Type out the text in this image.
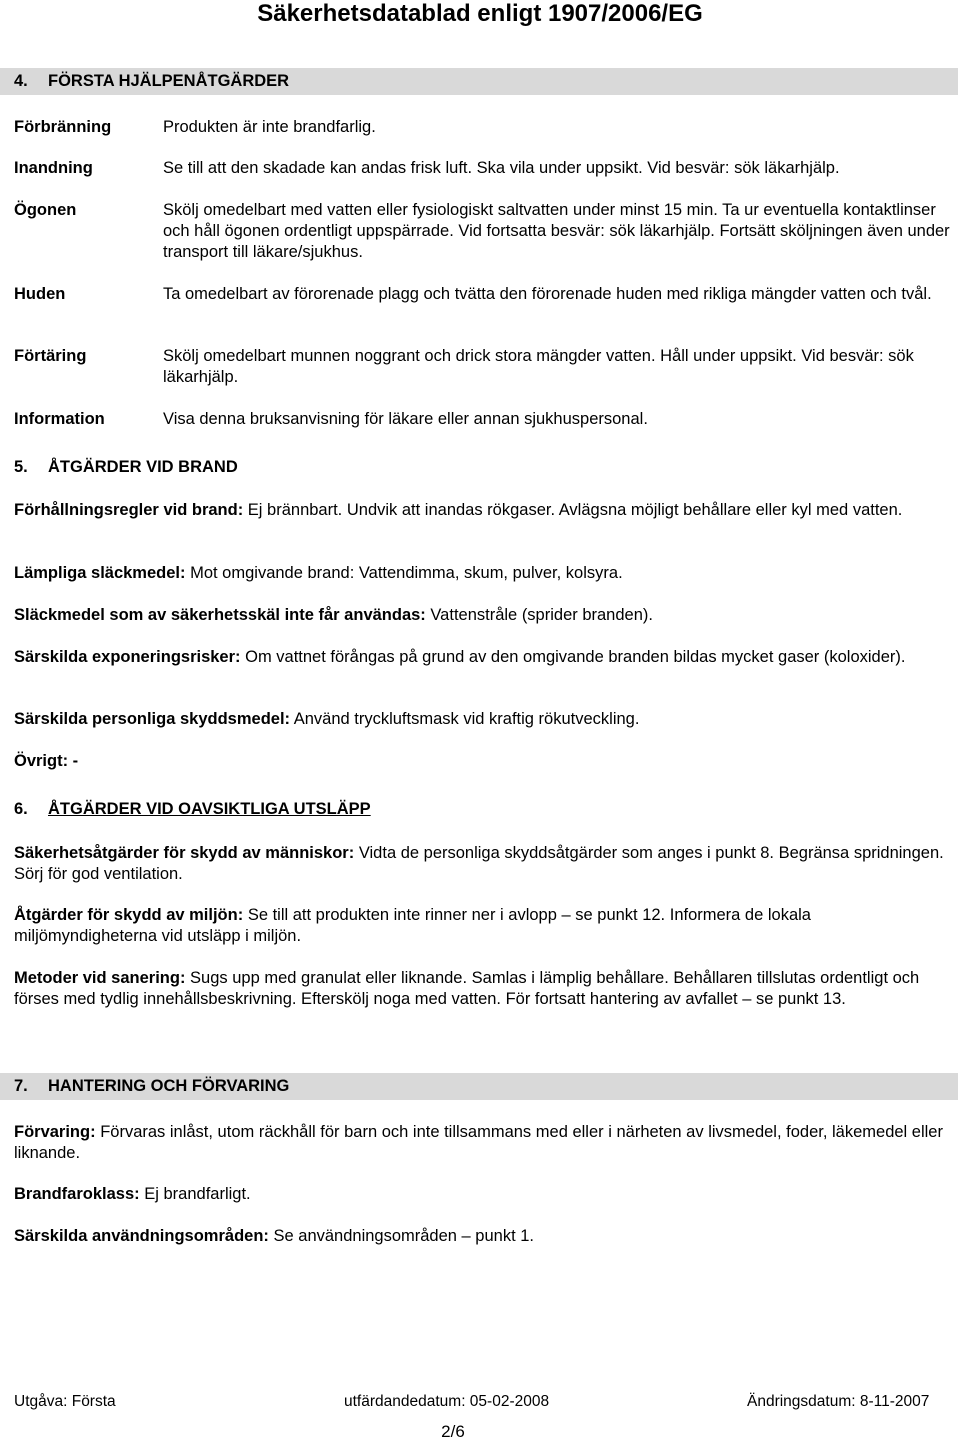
Säkerhetsdatablad enligt 1907/2006/EG
4. FÖRSTA HJÄLPENÅTGÄRDER
Förbränning	Produkten är inte brandfarlig.
Inandning	Se till att den skadade kan andas frisk luft. Ska vila under uppsikt. Vid besvär: sök läkarhjälp.
Ögonen	Skölj omedelbart med vatten eller fysiologiskt saltvatten under minst 15 min. Ta ur eventuella kontaktlinser och håll ögonen ordentligt uppspärrade. Vid fortsatta besvär: sök läkarhjälp. Fortsätt sköljningen även under transport till läkare/sjukhus.
Huden	Ta omedelbart av förorenade plagg och tvätta den förorenade huden med rikliga mängder vatten och tvål.
Förtäring	Skölj omedelbart munnen noggrant och drick stora mängder vatten. Håll under uppsikt. Vid besvär: sök läkarhjälp.
Information	Visa denna bruksanvisning för läkare eller annan sjukhuspersonal.
5. ÅTGÄRDER VID BRAND
Förhållningsregler vid brand: Ej brännbart. Undvik att inandas rökgaser. Avlägsna möjligt behållare eller kyl med vatten.
Lämpliga släckmedel: Mot omgivande brand: Vattendimma, skum, pulver, kolsyra.
Släckmedel som av säkerhetsskäl inte får användas: Vattenstråle (sprider branden).
Särskilda exponeringsrisker: Om vattnet förångas på grund av den omgivande branden bildas mycket gaser (koloxider).
Särskilda personliga skyddsmedel: Använd tryckluftsmask vid kraftig rökutveckling.
Övrigt: -
6. ÅTGÄRDER VID OAVSIKTLIGA UTSLÄPP
Säkerhetsåtgärder för skydd av människor: Vidta de personliga skyddsåtgärder som anges i punkt 8. Begränsa spridningen. Sörj för god ventilation.
Åtgärder för skydd av miljön: Se till att produkten inte rinner ner i avlopp – se punkt 12. Informera de lokala miljömyndigheterna vid utsläpp i miljön.
Metoder vid sanering: Sugs upp med granulat eller liknande. Samlas i lämplig behållare. Behållaren tillslutas ordentligt och förses med tydlig innehållsbeskrivning. Efterskölj noga med vatten. För fortsatt hantering av avfallet – se punkt 13.
7. HANTERING OCH FÖRVARING
Förvaring: Förvaras inlåst, utom räckhåll för barn och inte tillsammans med eller i närheten av livsmedel, foder, läkemedel eller liknande.
Brandfaroklass: Ej brandfarligt.
Särskilda användningsområden: Se användningsområden – punkt 1.
Utgåva: Första	utfärdandedatum: 05-02-2008	Ändringsdatum: 8-11-2007
2/6
